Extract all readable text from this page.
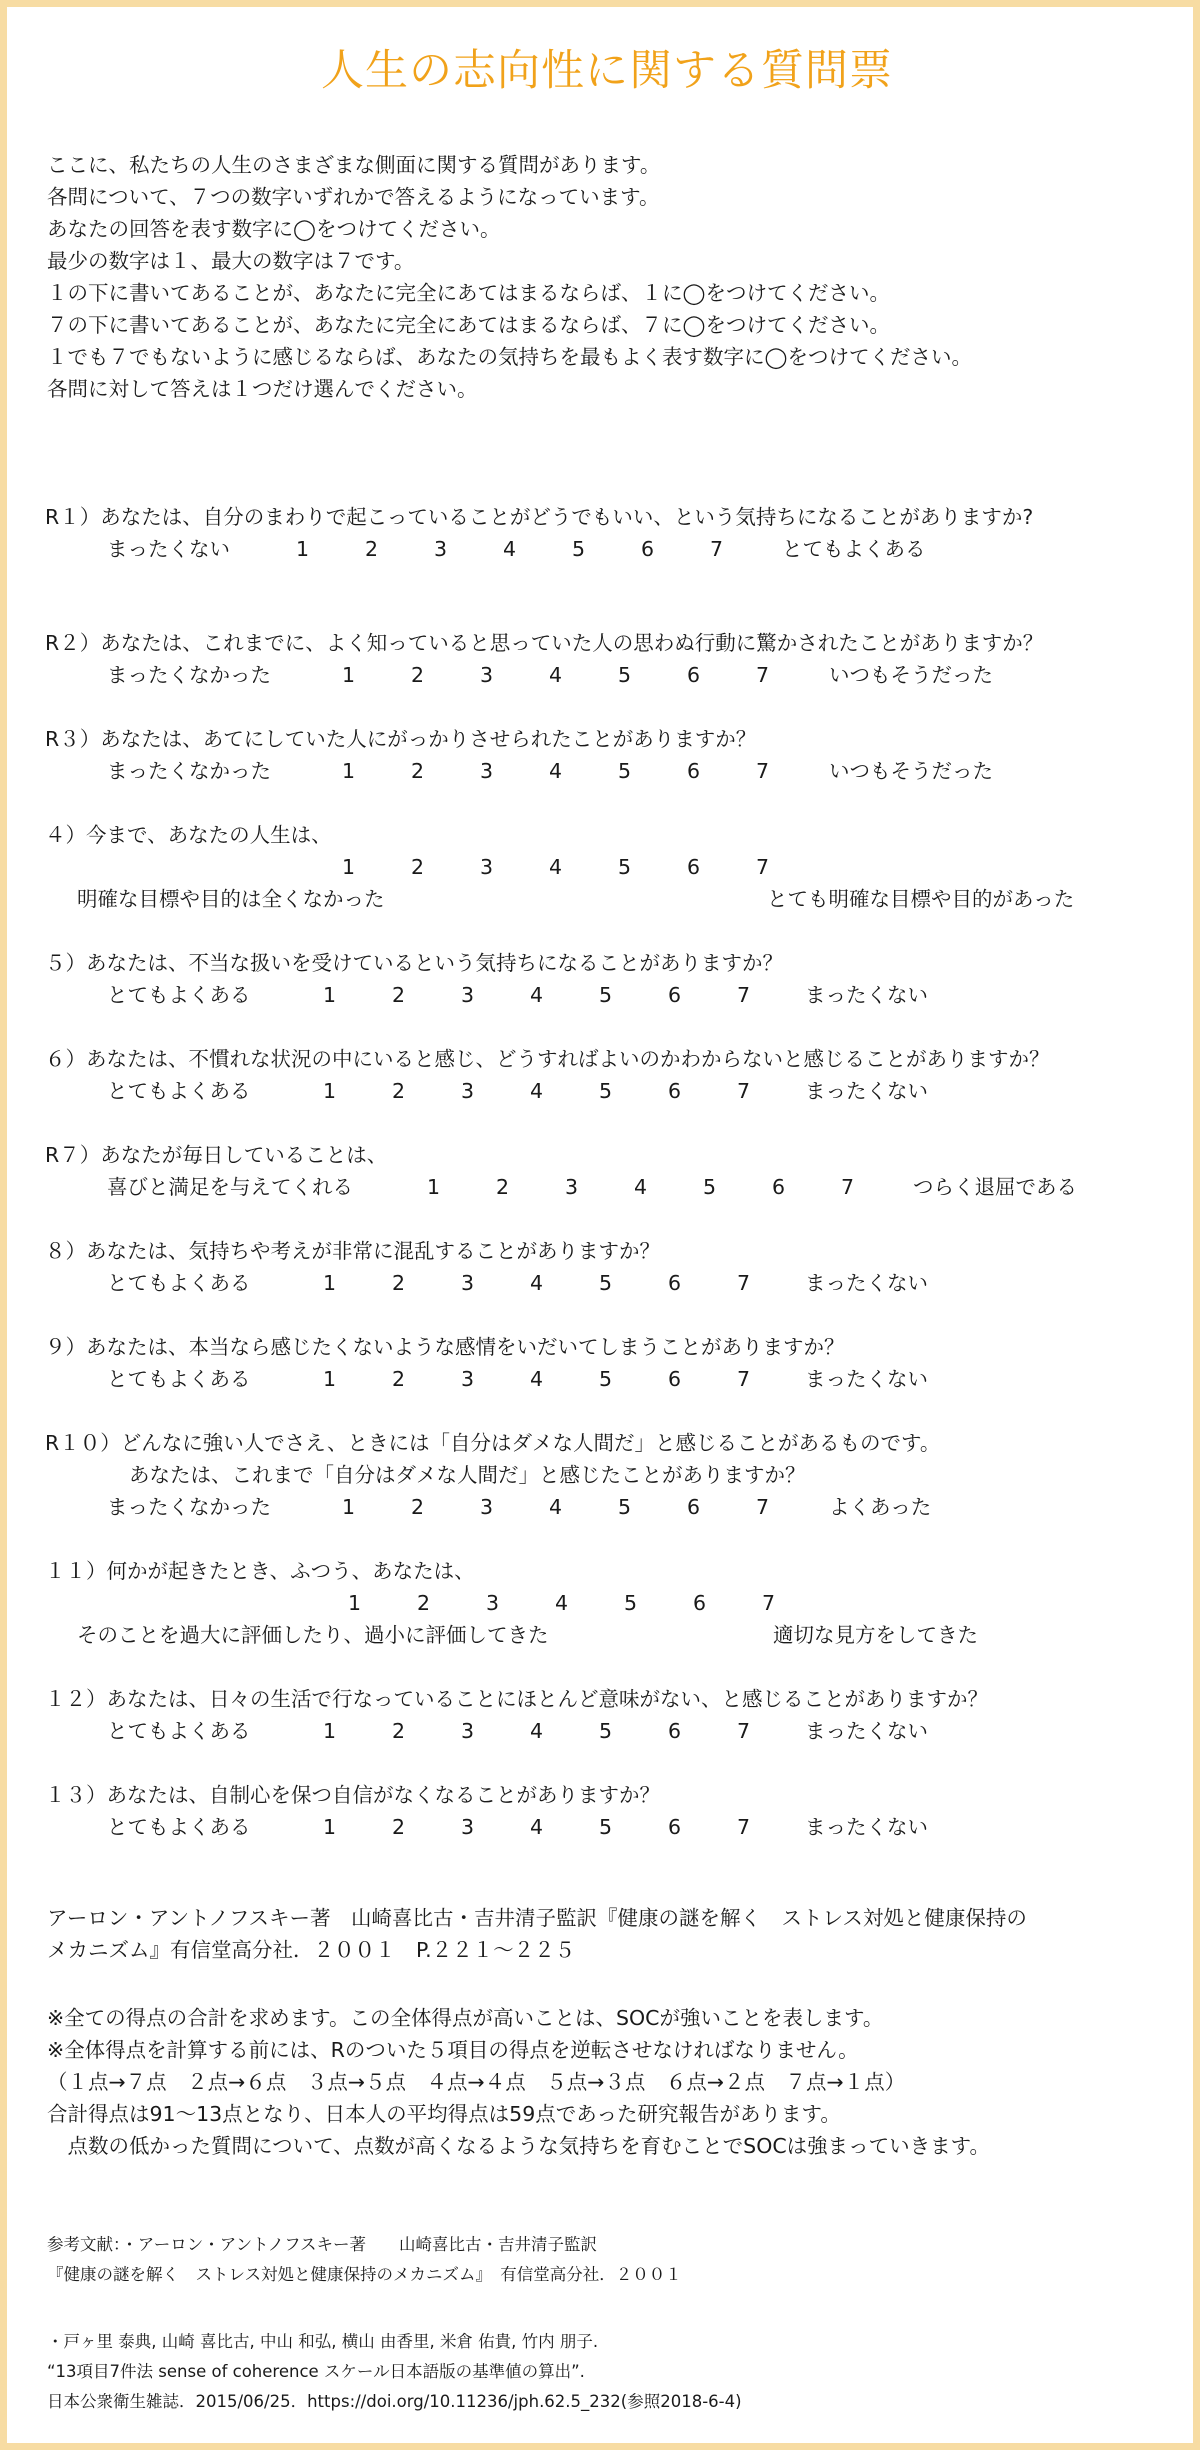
人生の志向性に関する質問票
ここに、私たちの人生のさまざまな側面に関する質問があります。
各問について、７つの数字いずれかで答えるようになっています。
あなたの回答を表す数字に◯をつけてください。
最少の数字は１、最大の数字は７です。
１の下に書いてあることが、あなたに完全にあてはまるならば、１に◯をつけてください。
７の下に書いてあることが、あなたに完全にあてはまるならば、７に◯をつけてください。
１でも７でもないように感じるならば、あなたの気持ちを最もよく表す数字に◯をつけてください。
各問に対して答えは１つだけ選んでください。
R１）あなたは、自分のまわりで起こっていることがどうでもいい、という気持ちになることがありますか?
まったくない	1	2	3	4	5	6	7	とてもよくある
R２）あなたは、これまでに、よく知っていると思っていた人の思わぬ行動に驚かされたことがありますか？
まったくなかった	1	2	3	4	5	6	7	いつもそうだった
R３）あなたは、あてにしていた人にがっかりさせられたことがありますか？
まったくなかった	1	2	3	4	5	6	7	いつもそうだった
４）今まで、あなたの人生は、
1	2	3	4	5	6	7
明確な目標や目的は全くなかった	とても明確な目標や目的があった
５）あなたは、不当な扱いを受けているという気持ちになることがありますか？
とてもよくある	1	2	3	4	5	6	7	まったくない
６）あなたは、不慣れな状況の中にいると感じ、どうすればよいのかわからないと感じることがありますか？
とてもよくある	1	2	3	4	5	6	7	まったくない
R７）あなたが毎日していることは、
喜びと満足を与えてくれる	1	2	3	4	5	6	7	つらく退屈である
８）あなたは、気持ちや考えが非常に混乱することがありますか？
とてもよくある	1	2	3	4	5	6	7	まったくない
９）あなたは、本当なら感じたくないような感情をいだいてしまうことがありますか？
とてもよくある	1	2	3	4	5	6	7	まったくない
R１０）どんなに強い人でさえ、ときには「自分はダメな人間だ」と感じることがあるものです。
あなたは、これまで「自分はダメな人間だ」と感じたことがありますか？
まったくなかった	1	2	3	4	5	6	7	よくあった
１１）何かが起きたとき、ふつう、あなたは、
1	2	3	4	5	6	7
そのことを過大に評価したり、過小に評価してきた	適切な見方をしてきた
１２）あなたは、日々の生活で行なっていることにほとんど意味がない、と感じることがありますか？
とてもよくある	1	2	3	4	5	6	7	まったくない
１３）あなたは、自制心を保つ自信がなくなることがありますか？
とてもよくある	1	2	3	4	5	6	7	まったくない
アーロン・アントノフスキー著　山崎喜比古・吉井清子監訳『健康の謎を解く　ストレス対処と健康保持の
メカニズム』有信堂高分社．２００１　P.２２１〜２２５
※全ての得点の合計を求めます。この全体得点が高いことは、SOCが強いことを表します。
※全体得点を計算する前には、Rのついた５項目の得点を逆転させなければなりません。
（１点→７点　２点→６点　３点→５点　４点→４点　５点→３点　６点→２点　７点→１点）
合計得点は91〜13点となり、日本人の平均得点は59点であった研究報告があります。
　点数の低かった質問について、点数が高くなるような気持ちを育むことでSOCは強まっていきます。
参考文献：・アーロン・アントノフスキー著　　山崎喜比古・吉井清子監訳
『健康の謎を解く　ストレス対処と健康保持のメカニズム』　有信堂高分社．２００１
・戸ヶ里 泰典, 山崎 喜比古, 中山 和弘, 横山 由香里, 米倉 佑貴, 竹内 朋子.
“13項目7件法 sense of coherence スケール日本語版の基準値の算出”.
日本公衆衛生雑誌．2015/06/25．https://doi.org/10.11236/jph.62.5_232(参照2018-6-4)
